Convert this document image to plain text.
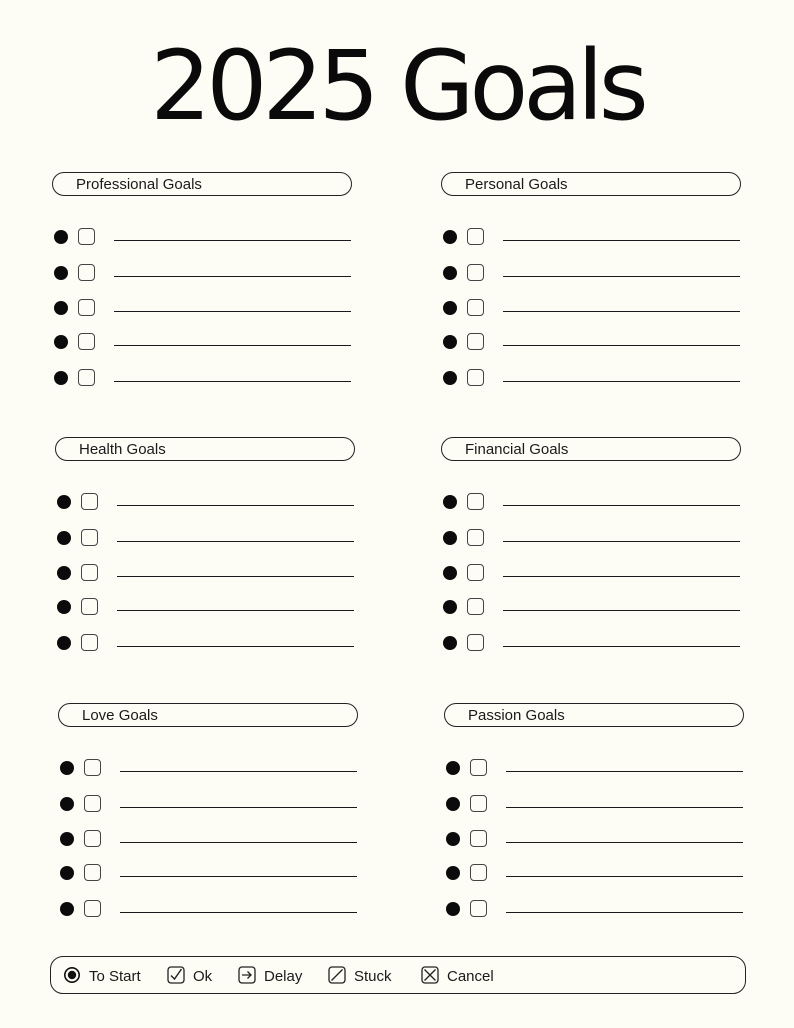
2025 Goals
Professional Goals	Personal Goals
Health Goals	Financial Goals
Love Goals	Passion Goals
To Start	Ok	Delay	Stuck	Cancel
